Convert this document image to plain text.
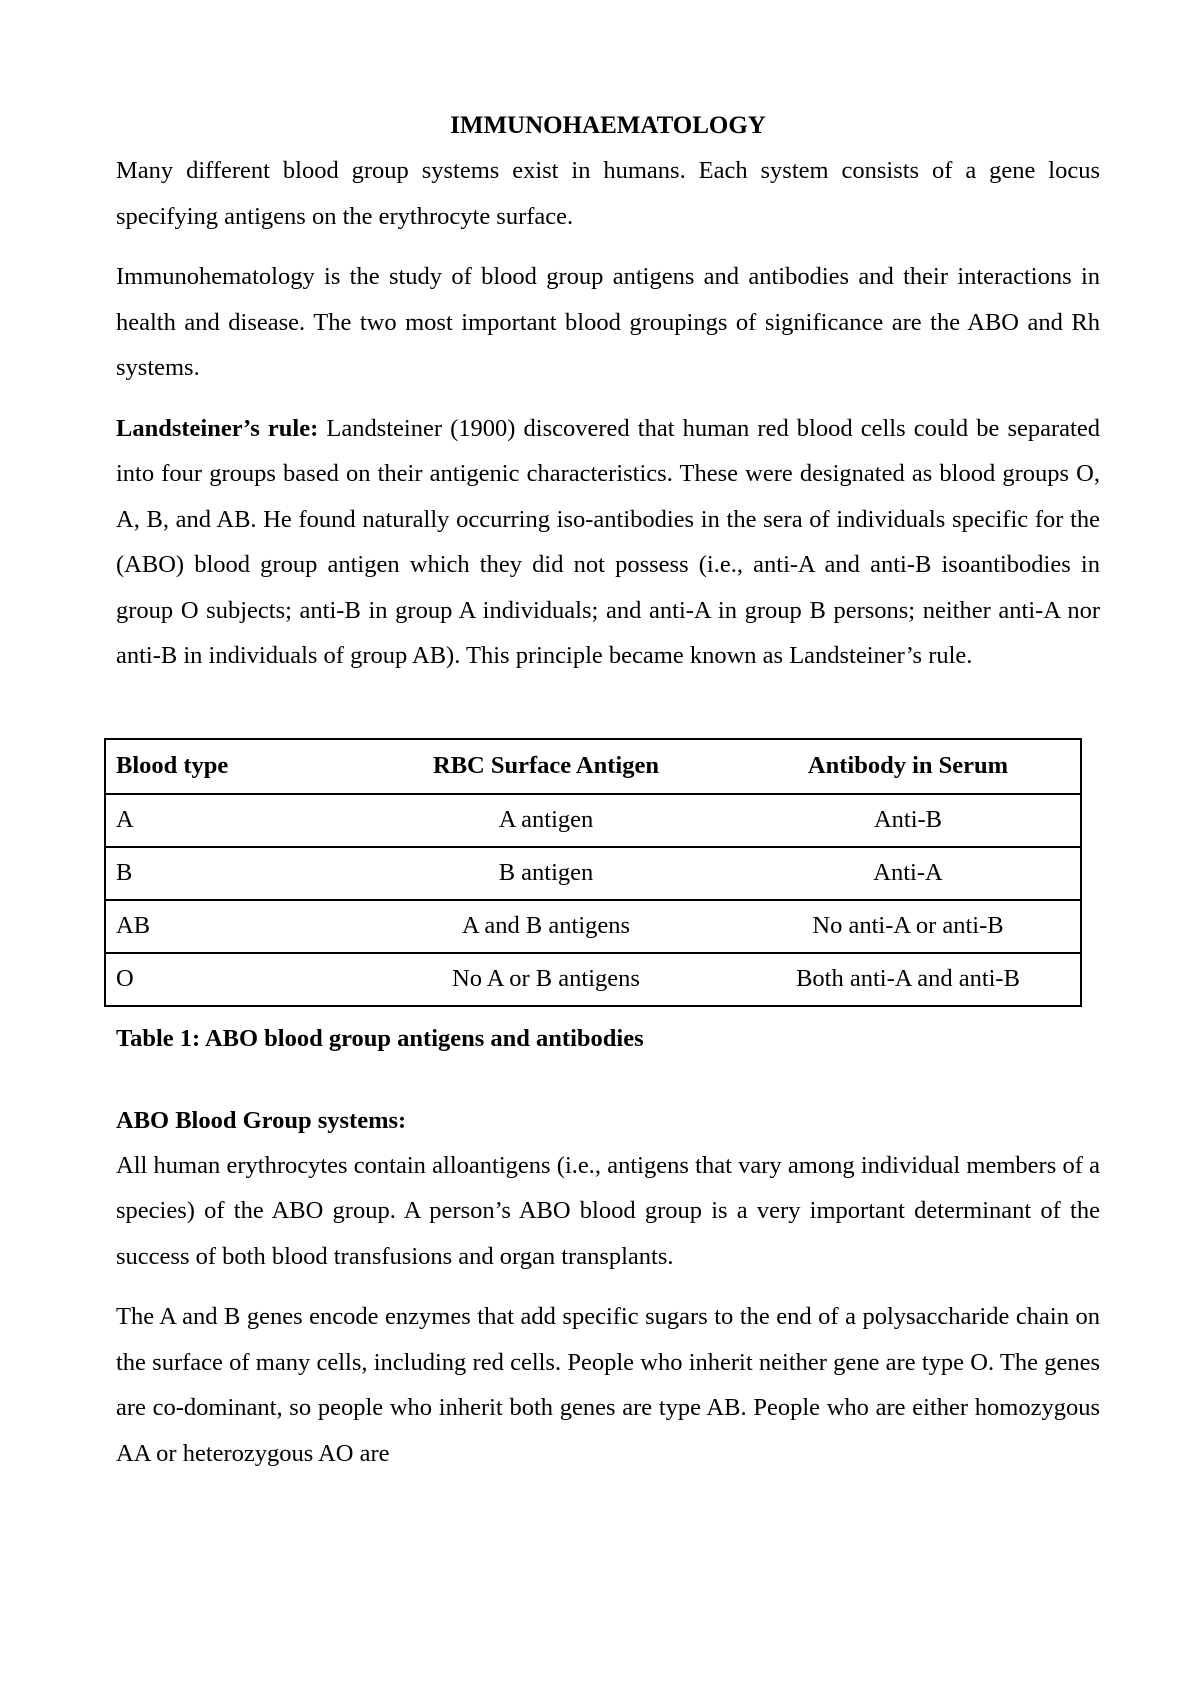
IMMUNOHAEMATOLOGY

Many different blood group systems exist in humans. Each system consists of a gene locus specifying antigens on the erythrocyte surface.

Immunohematology is the study of blood group antigens and antibodies and their interactions in health and disease. The two most important blood groupings of significance are the ABO and Rh systems.

Landsteiner’s rule: Landsteiner (1900) discovered that human red blood cells could be separated into four groups based on their antigenic characteristics. These were designated as blood groups O, A, B, and AB. He found naturally occurring iso-antibodies in the sera of individuals specific for the (ABO) blood group antigen which they did not possess (i.e., anti-A and anti-B isoantibodies in group O subjects; anti-B in group A individuals; and anti-A in group B persons; neither anti-A nor anti-B in individuals of group AB). This principle became known as Landsteiner’s rule.

Blood type	RBC Surface Antigen	Antibody in Serum
A	A antigen	Anti-B
B	B antigen	Anti-A
AB	A and B antigens	No anti-A or anti-B
O	No A or B antigens	Both anti-A and anti-B
Table 1: ABO blood group antigens and antibodies
ABO Blood Group systems:

All human erythrocytes contain alloantigens (i.e., antigens that vary among individual members of a species) of the ABO group. A person’s ABO blood group is a very important determinant of the success of both blood transfusions and organ transplants.

The A and B genes encode enzymes that add specific sugars to the end of a polysaccharide chain on the surface of many cells, including red cells. People who inherit neither gene are type O. The genes are co-dominant, so people who inherit both genes are type AB. People who are either homozygous AA or heterozygous AO are
